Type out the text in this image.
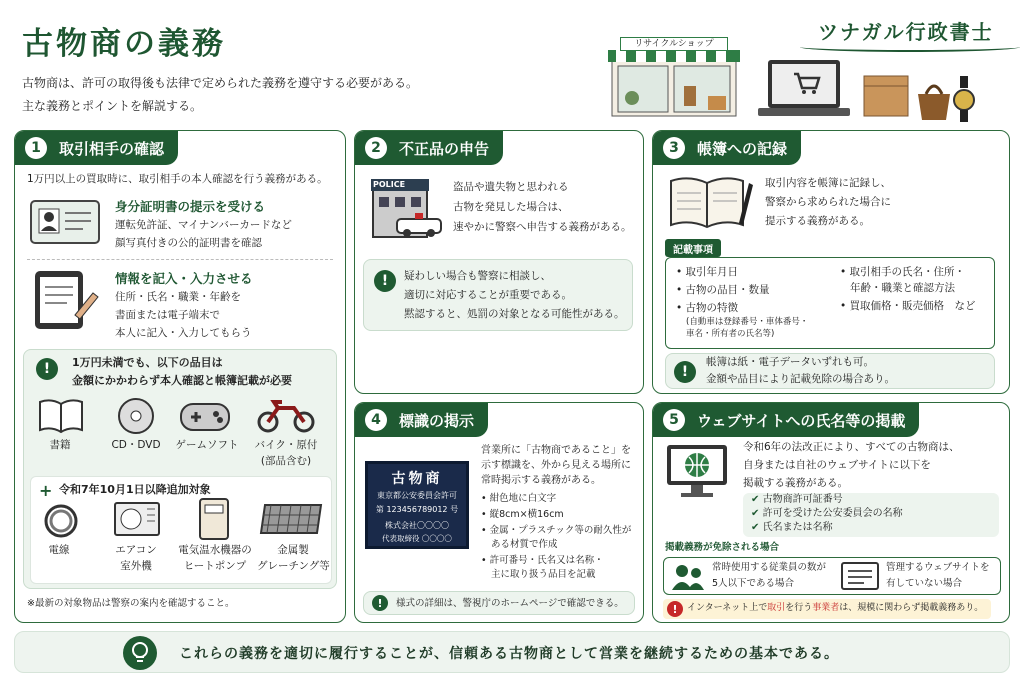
古物商の義務
古物商は、許可の取得後も法律で定められた義務を遵守する必要がある。
主な義務とポイントを解説する。
ツナガル行政書士
リサイクルショップ
1	取引相手の確認
1万円以上の買取時に、取引相手の本人確認を行う義務がある。
身分証明書の提示を受ける
運転免許証、マイナンバーカードなど
顔写真付きの公的証明書を確認
情報を記入・入力させる
住所・氏名・職業・年齢を
書面または電子端末で
本人に記入・入力してもらう
!	1万円未満でも、以下の品目は
金額にかかわらず本人確認と帳簿記載が必要
書籍	CD・DVD	ゲームソフト	バイク・原付
(部品含む)
+ 令和7年10月1日以降追加対象
電線	エアコン
室外機
電気温水機器の
ヒートポンプ
金属製
グレーチング等
※最新の対象物品は警察の案内を確認すること。
2	不正品の申告
POLICE	盗品や遺失物と思われる
古物を発見した場合は、
速やかに警察へ申告する義務がある。
!	疑わしい場合も警察に相談し、
適切に対応することが重要である。
黙認すると、処罰の対象となる可能性がある。
3	帳簿への記録
取引内容を帳簿に記録し、
警察から求められた場合に
提示する義務がある。
記載事項
• 取引年月日
• 古物の品目・数量
• 古物の特徴
(自動車は登録番号・車体番号・
車名・所有者の氏名等)
• 取引相手の氏名・住所・
年齢・職業と確認方法
• 買取価格・販売価格　など
!
帳簿は紙・電子データいずれも可。
金額や品目により記載免除の場合あり。
4	標識の掲示
古物商
東京都公安委員会許可
第 123456789012 号
株式会社〇〇〇〇
代表取締役 〇〇〇〇
営業所に「古物商であること」を
示す標識を、外から見える場所に
常時掲示する義務がある。
• 紺色地に白文字
• 縦8cm×横16cm
• 金属・プラスチック等の耐久性が
ある材質で作成
• 許可番号・氏名又は名称・
主に取り扱う品目を記載
!	様式の詳細は、警視庁のホームページで確認できる。
5	ウェブサイトへの氏名等の掲載
令和6年の法改正により、すべての古物商は、
自身または自社のウェブサイトに以下を
掲載する義務がある。
✔ 古物商許可証番号
✔ 許可を受けた公安委員会の名称
✔ 氏名または名称
掲載義務が免除される場合
常時使用する従業員の数が
5人以下である場合
管理するウェブサイトを
有していない場合
!	インターネット上で取引を行う事業者は、規模に関わらず掲載義務あり。
これらの義務を適切に履行することが、信頼ある古物商として営業を継続するための基本である。
